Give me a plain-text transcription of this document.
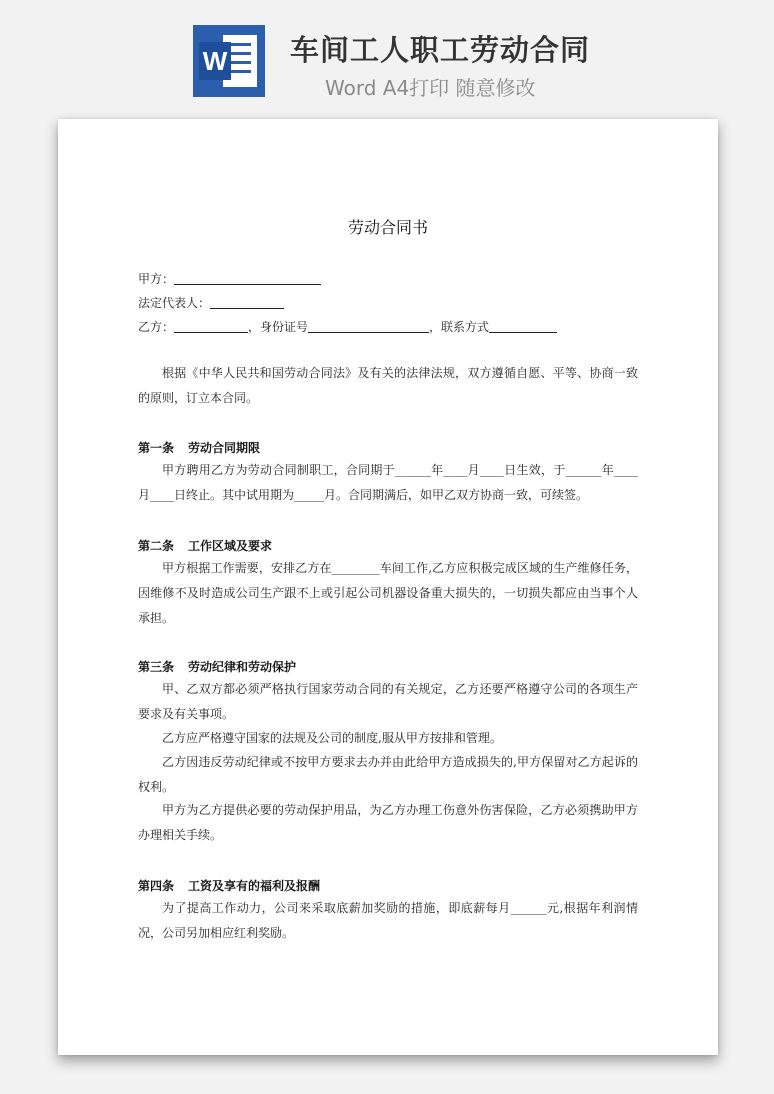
W 车间工人职工劳动合同
Word A4打印 随意修改
劳动合同书
甲方：
法定代表人：
乙方：	，身份证号	，联系方式
根据《中华人民共和国劳动合同法》及有关的法律法规，双方遵循自愿、平等、协商一致的原则，订立本合同。
第一条 劳动合同期限
甲方聘用乙方为劳动合同制职工，合同期于______年____月____日生效，于______年____月____日终止。其中试用期为_____月。合同期满后，如甲乙双方协商一致，可续签。
第二条 工作区域及要求
甲方根据工作需要，安排乙方在________车间工作,乙方应积极完成区域的生产维修任务，因维修不及时造成公司生产跟不上或引起公司机器设备重大损失的，一切损失都应由当事个人承担。
第三条 劳动纪律和劳动保护
甲、乙双方都必须严格执行国家劳动合同的有关规定，乙方还要严格遵守公司的各项生产要求及有关事项。
乙方应严格遵守国家的法规及公司的制度,服从甲方按排和管理。
乙方因违反劳动纪律或不按甲方要求去办并由此给甲方造成损失的,甲方保留对乙方起诉的权利。
甲方为乙方提供必要的劳动保护用品，为乙方办理工伤意外伤害保险，乙方必须携助甲方办理相关手续。
第四条 工资及享有的福利及报酬
为了提高工作动力，公司来采取底薪加奖励的措施，即底薪每月______元,根据年利润情况，公司另加相应红利奖励。
